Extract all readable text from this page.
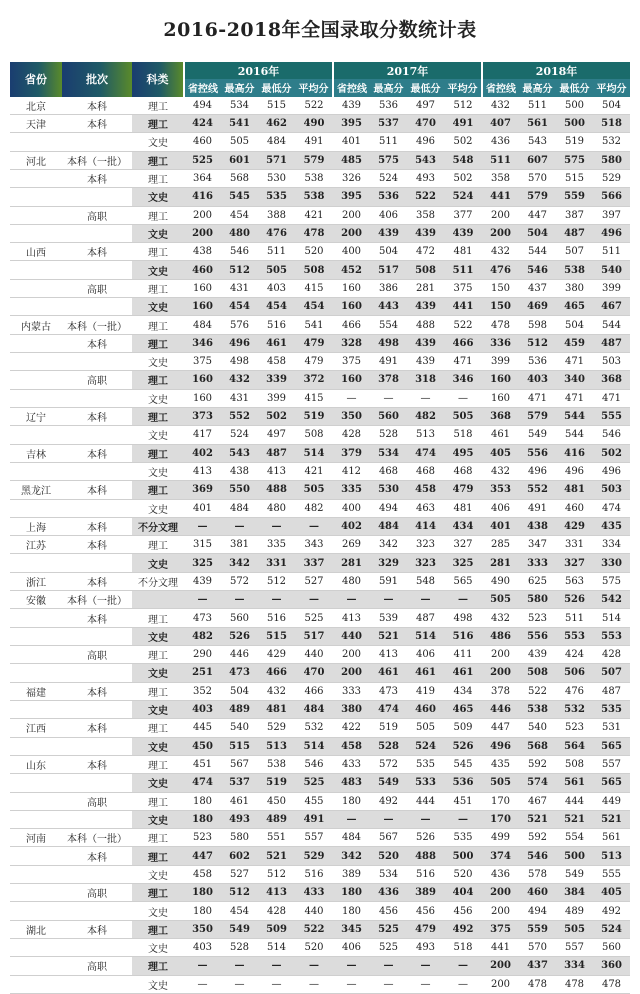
2016-2018年全国录取分数统计表
省份	批次	科类	2016年				2017年				2018年			
			省控线	最高分	最低分	平均分	省控线	最高分	最低分	平均分	省控线	最高分	最低分	平均分
北京	本科	理工	494	534	515	522	439	536	497	512	432	511	500	504
天津	本科	理工	424	541	462	490	395	537	470	491	407	561	500	518
		文史	460	505	484	491	401	511	496	502	436	543	519	532
河北	本科（一批）	理工	525	601	571	579	485	575	543	548	511	607	575	580
	本科	理工	364	568	530	538	326	524	493	502	358	570	515	529
		文史	416	545	535	538	395	536	522	524	441	579	559	566
	高职	理工	200	454	388	421	200	406	358	377	200	447	387	397
		文史	200	480	476	478	200	439	439	439	200	504	487	496
山西	本科	理工	438	546	511	520	400	504	472	481	432	544	507	511
		文史	460	512	505	508	452	517	508	511	476	546	538	540
	高职	理工	160	431	403	415	160	386	281	375	150	437	380	399
		文史	160	454	454	454	160	443	439	441	150	469	465	467
内蒙古	本科（一批）	理工	484	576	516	541	466	554	488	522	478	598	504	544
	本科	理工	346	496	461	479	328	498	439	466	336	512	459	487
		文史	375	498	458	479	375	491	439	471	399	536	471	503
	高职	理工	160	432	339	372	160	378	318	346	160	403	340	368
		文史	160	431	399	415	—	—	—	—	160	471	471	471
辽宁	本科	理工	373	552	502	519	350	560	482	505	368	579	544	555
		文史	417	524	497	508	428	528	513	518	461	549	544	546
吉林	本科	理工	402	543	487	514	379	534	474	495	405	556	416	502
		文史	413	438	413	421	412	468	468	468	432	496	496	496
黑龙江	本科	理工	369	550	488	505	335	530	458	479	353	552	481	503
		文史	401	484	480	482	400	494	463	481	406	491	460	474
上海	本科	不分文理	—	—	—	—	402	484	414	434	401	438	429	435
江苏	本科	理工	315	381	335	343	269	342	323	327	285	347	331	334
		文史	325	342	331	337	281	329	323	325	281	333	327	330
浙江	本科	不分文理	439	572	512	527	480	591	548	565	490	625	563	575
安徽	本科（一批）		—	—	—	—	—	—	—	—	505	580	526	542
	本科	理工	473	560	516	525	413	539	487	498	432	523	511	514
		文史	482	526	515	517	440	521	514	516	486	556	553	553
	高职	理工	290	446	429	440	200	413	406	411	200	439	424	428
		文史	251	473	466	470	200	461	461	461	200	508	506	507
福建	本科	理工	352	504	432	466	333	473	419	434	378	522	476	487
		文史	403	489	481	484	380	474	460	465	446	538	532	535
江西	本科	理工	445	540	529	532	422	519	505	509	447	540	523	531
		文史	450	515	513	514	458	528	524	526	496	568	564	565
山东	本科	理工	451	567	538	546	433	572	535	545	435	592	508	557
		文史	474	537	519	525	483	549	533	536	505	574	561	565
	高职	理工	180	461	450	455	180	492	444	451	170	467	444	449
		文史	180	493	489	491	—	—	—	—	170	521	521	521
河南	本科（一批）	理工	523	580	551	557	484	567	526	535	499	592	554	561
	本科	理工	447	602	521	529	342	520	488	500	374	546	500	513
		文史	458	527	512	516	389	534	516	520	436	578	549	555
	高职	理工	180	512	413	433	180	436	389	404	200	460	384	405
		文史	180	454	428	440	180	456	456	456	200	494	489	492
湖北	本科	理工	350	549	509	522	345	525	479	492	375	559	505	524
		文史	403	528	514	520	406	525	493	518	441	570	557	560
	高职	理工	—	—	—	—	—	—	—	—	200	437	334	360
		文史	—	—	—	—	—	—	—	—	200	478	478	478
